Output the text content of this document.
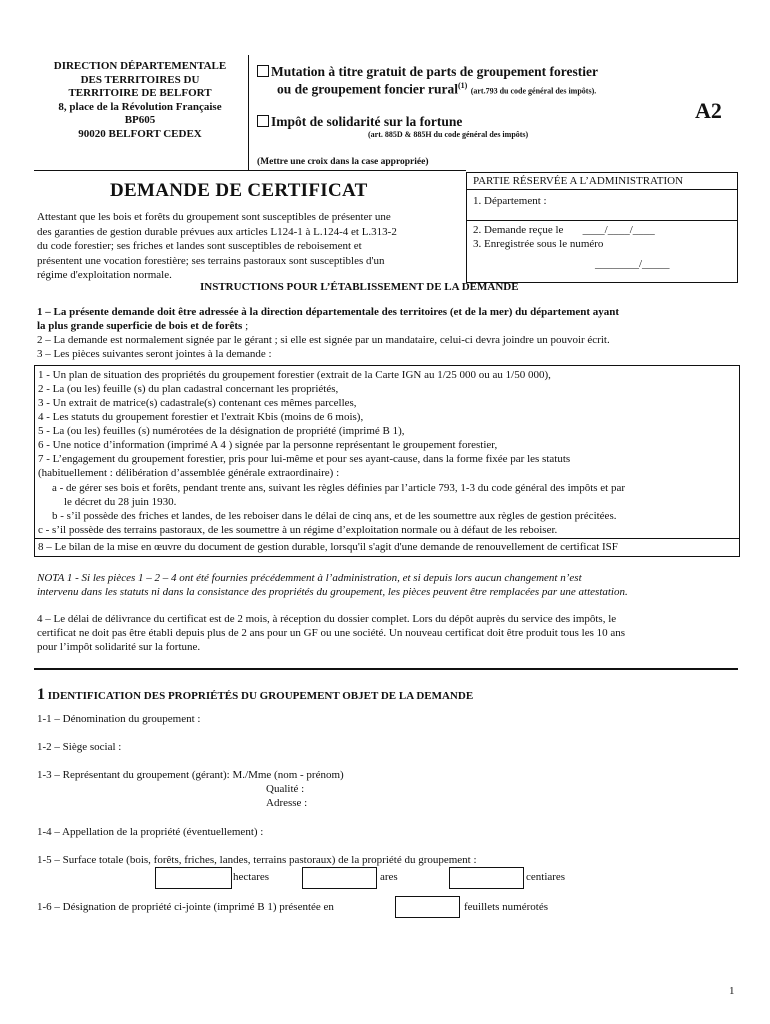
DIRECTION DÉPARTEMENTALE
DES TERRITOIRES DU
TERRITOIRE DE BELFORT
8, place de la Révolution Française
BP605
90020 BELFORT CEDEX
Mutation à titre gratuit de parts de groupement forestier
ou de groupement foncier rural$^{(1)}$ (art.793 du code général des impôts).
Impôt de solidarité sur la fortune
(art. 885D & 885H du code général des impôts)
A2
(Mettre une croix dans la case appropriée)
DEMANDE DE CERTIFICAT
Attestant que les bois et forêts du groupement sont susceptibles de présenter une
des garanties de gestion durable prévues aux articles L124-1 à L.124-4 et L.313-2
du code forestier; ses friches et landes sont susceptibles de reboisement et
présentent une vocation forestière; ses terrains pastoraux sont susceptibles d'un
régime d'exploitation normale.
PARTIE RÉSERVÉE A L’ADMINISTRATION
1. Département :
2. Demande reçue le       ____/____/____
3. Enregistrée sous le numéro
________/_____
INSTRUCTIONS POUR L’ÉTABLISSEMENT DE LA DEMANDE
1 – La présente demande doit être adressée à la direction départementale des territoires (et de la mer) du département ayant
la plus grande superficie de bois et de forêts ;
2 – La demande est normalement signée par le gérant ; si elle est signée par un mandataire, celui-ci devra joindre un pouvoir écrit.
3 – Les pièces suivantes seront jointes à la demande :
1 - Un plan de situation des propriétés du groupement forestier (extrait de la Carte IGN au 1/25 000 ou au 1/50 000),
2 - La (ou les) feuille (s) du plan cadastral concernant les propriétés,
3 - Un extrait de matrice(s) cadastrale(s) contenant ces mêmes parcelles,
4 - Les statuts du groupement forestier et l'extrait Kbis (moins de 6 mois),
5 - La (ou les) feuilles (s) numérotées de la désignation de propriété (imprimé B 1),
6 - Une notice d’information (imprimé A 4 ) signée par la personne représentant le groupement forestier,
7 - L’engagement du groupement forestier, pris pour lui-même et pour ses ayant-cause, dans la forme fixée par les statuts
(habituellement : délibération d’assemblée générale extraordinaire) :
a - de gérer ses bois et forêts, pendant trente ans, suivant les règles définies par l’article 793, 1-3 du code général des impôts et par
le décret du 28 juin 1930.
b - s’il possède des friches et landes, de les reboiser dans le délai de cinq ans, et de les soumettre aux règles de gestion précitées.
c - s’il possède des terrains pastoraux, de les soumettre à un régime d’exploitation normale ou à défaut de les reboiser.
8 – Le bilan de la mise en œuvre du document de gestion durable, lorsqu'il s'agit d'une demande de renouvellement de certificat ISF
NOTA 1 - Si les pièces 1 – 2 – 4 ont été fournies précédemment à l’administration, et si depuis lors aucun changement n’est
intervenu dans les statuts ni dans la consistance des propriétés du groupement, les pièces peuvent être remplacées par une attestation.
4 – Le délai de délivrance du certificat est de 2 mois, à réception du dossier complet. Lors du dépôt auprès du service des impôts, le
certificat ne doit pas être établi depuis plus de 2 ans pour un GF ou une société. Un nouveau certificat doit être produit tous les 10 ans
pour l’impôt solidarité sur la fortune.
1 IDENTIFICATION DES PROPRIÉTÉS DU GROUPEMENT OBJET DE LA DEMANDE
1-1 – Dénomination du groupement :
1-2 – Siège social :
1-3 – Représentant du groupement (gérant): M./Mme (nom - prénom)
Qualité :
Adresse :
1-4 – Appellation de la propriété (éventuellement) :
1-5 – Surface totale (bois, forêts, friches, landes, terrains pastoraux) de la propriété du groupement :
hectares	ares	centiares
1-6 – Désignation de propriété ci-jointe (imprimé B 1) présentée en	feuillets numérotés
1
